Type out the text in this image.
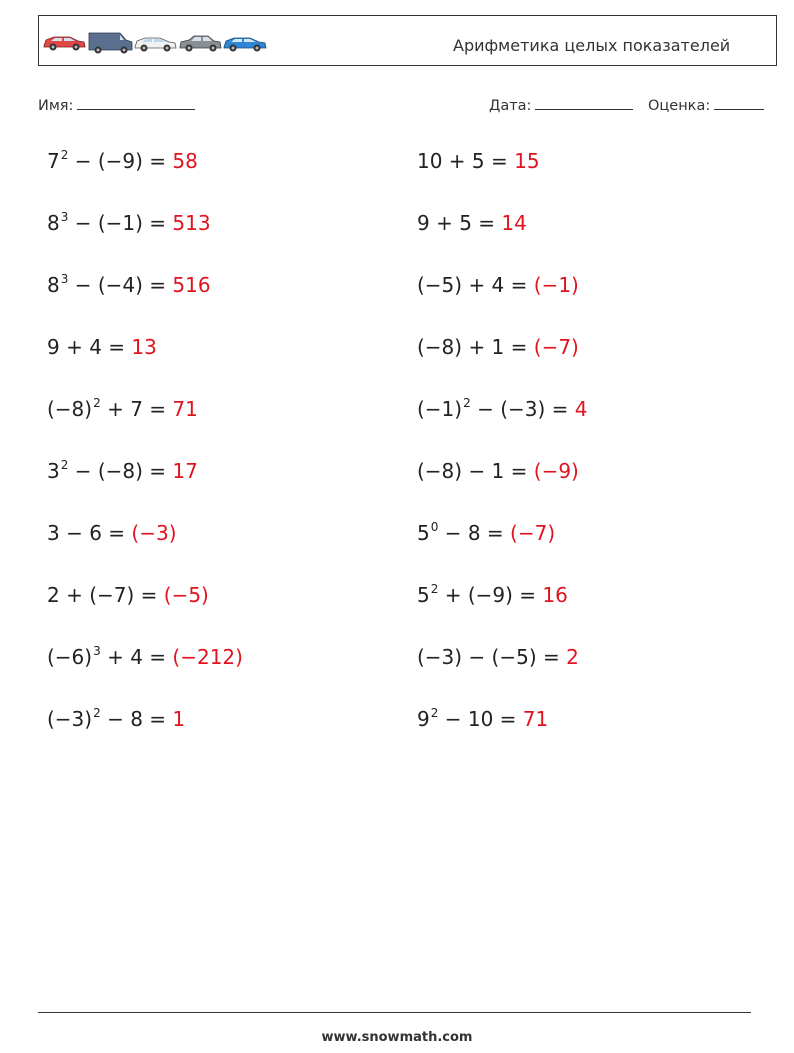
Арифметика целых показателей
Имя:	Дата:	Оценка:
$7^2 - (-9) = 58$
$8^3 - (-1) = 513$
$8^3 - (-4) = 516$
9 + 4 = 13
$(-8)^2 + 7 = 71$
$3^2 - (-8) = 17$
3 − 6 = (−3)
2 + (−7) = (−5)
$(-6)^3 + 4 = (-212)$
$(-3)^2 - 8 = 1$
10 + 5 = 15
9 + 5 = 14
(−5) + 4 = (−1)
(−8) + 1 = (−7)
$(-1)^2 - (-3) = 4$
(−8) − 1 = (−9)
$5^0 - 8 = (-7)$
$5^2 + (-9) = 16$
(−3) − (−5) = 2
$9^2 - 10 = 71$
www.snowmath.com
